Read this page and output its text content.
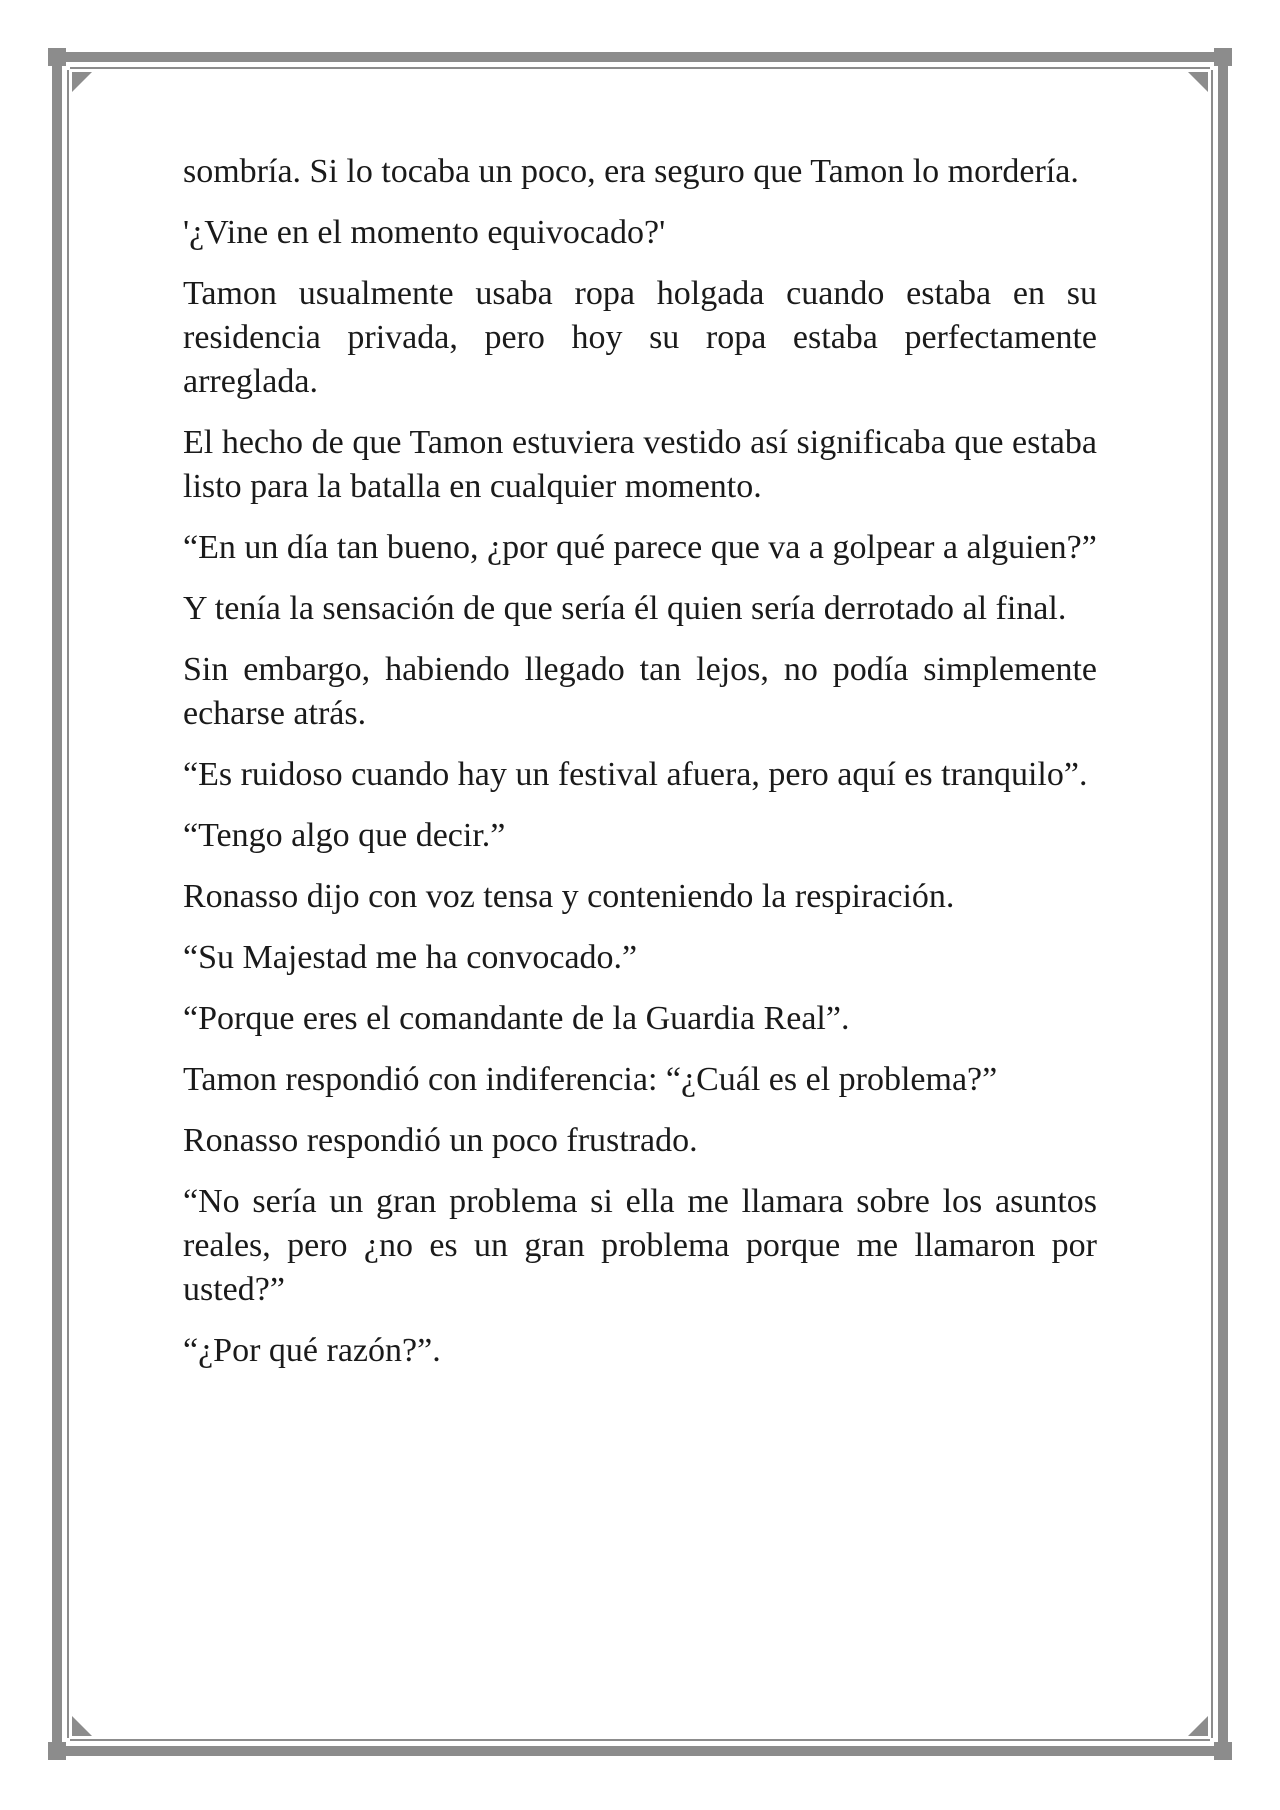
sombría. Si lo tocaba un poco, era seguro que Tamon lo mordería.

'¿Vine en el momento equivocado?'

Tamon usualmente usaba ropa holgada cuando estaba en su residencia privada, pero hoy su ropa estaba perfectamente arreglada.

El hecho de que Tamon estuviera vestido así significaba que estaba listo para la batalla en cualquier momento.

“En un día tan bueno, ¿por qué parece que va a golpear a alguien?”

Y tenía la sensación de que sería él quien sería derrotado al final.

Sin embargo, habiendo llegado tan lejos, no podía simplemente echarse atrás.

“Es ruidoso cuando hay un festival afuera, pero aquí es tranquilo”.

“Tengo algo que decir.”

Ronasso dijo con voz tensa y conteniendo la respiración.

“Su Majestad me ha convocado.”

“Porque eres el comandante de la Guardia Real”.

Tamon respondió con indiferencia: “¿Cuál es el problema?”

Ronasso respondió un poco frustrado.

“No sería un gran problema si ella me llamara sobre los asuntos reales, pero ¿no es un gran problema porque me llamaron por usted?”

“¿Por qué razón?”.
